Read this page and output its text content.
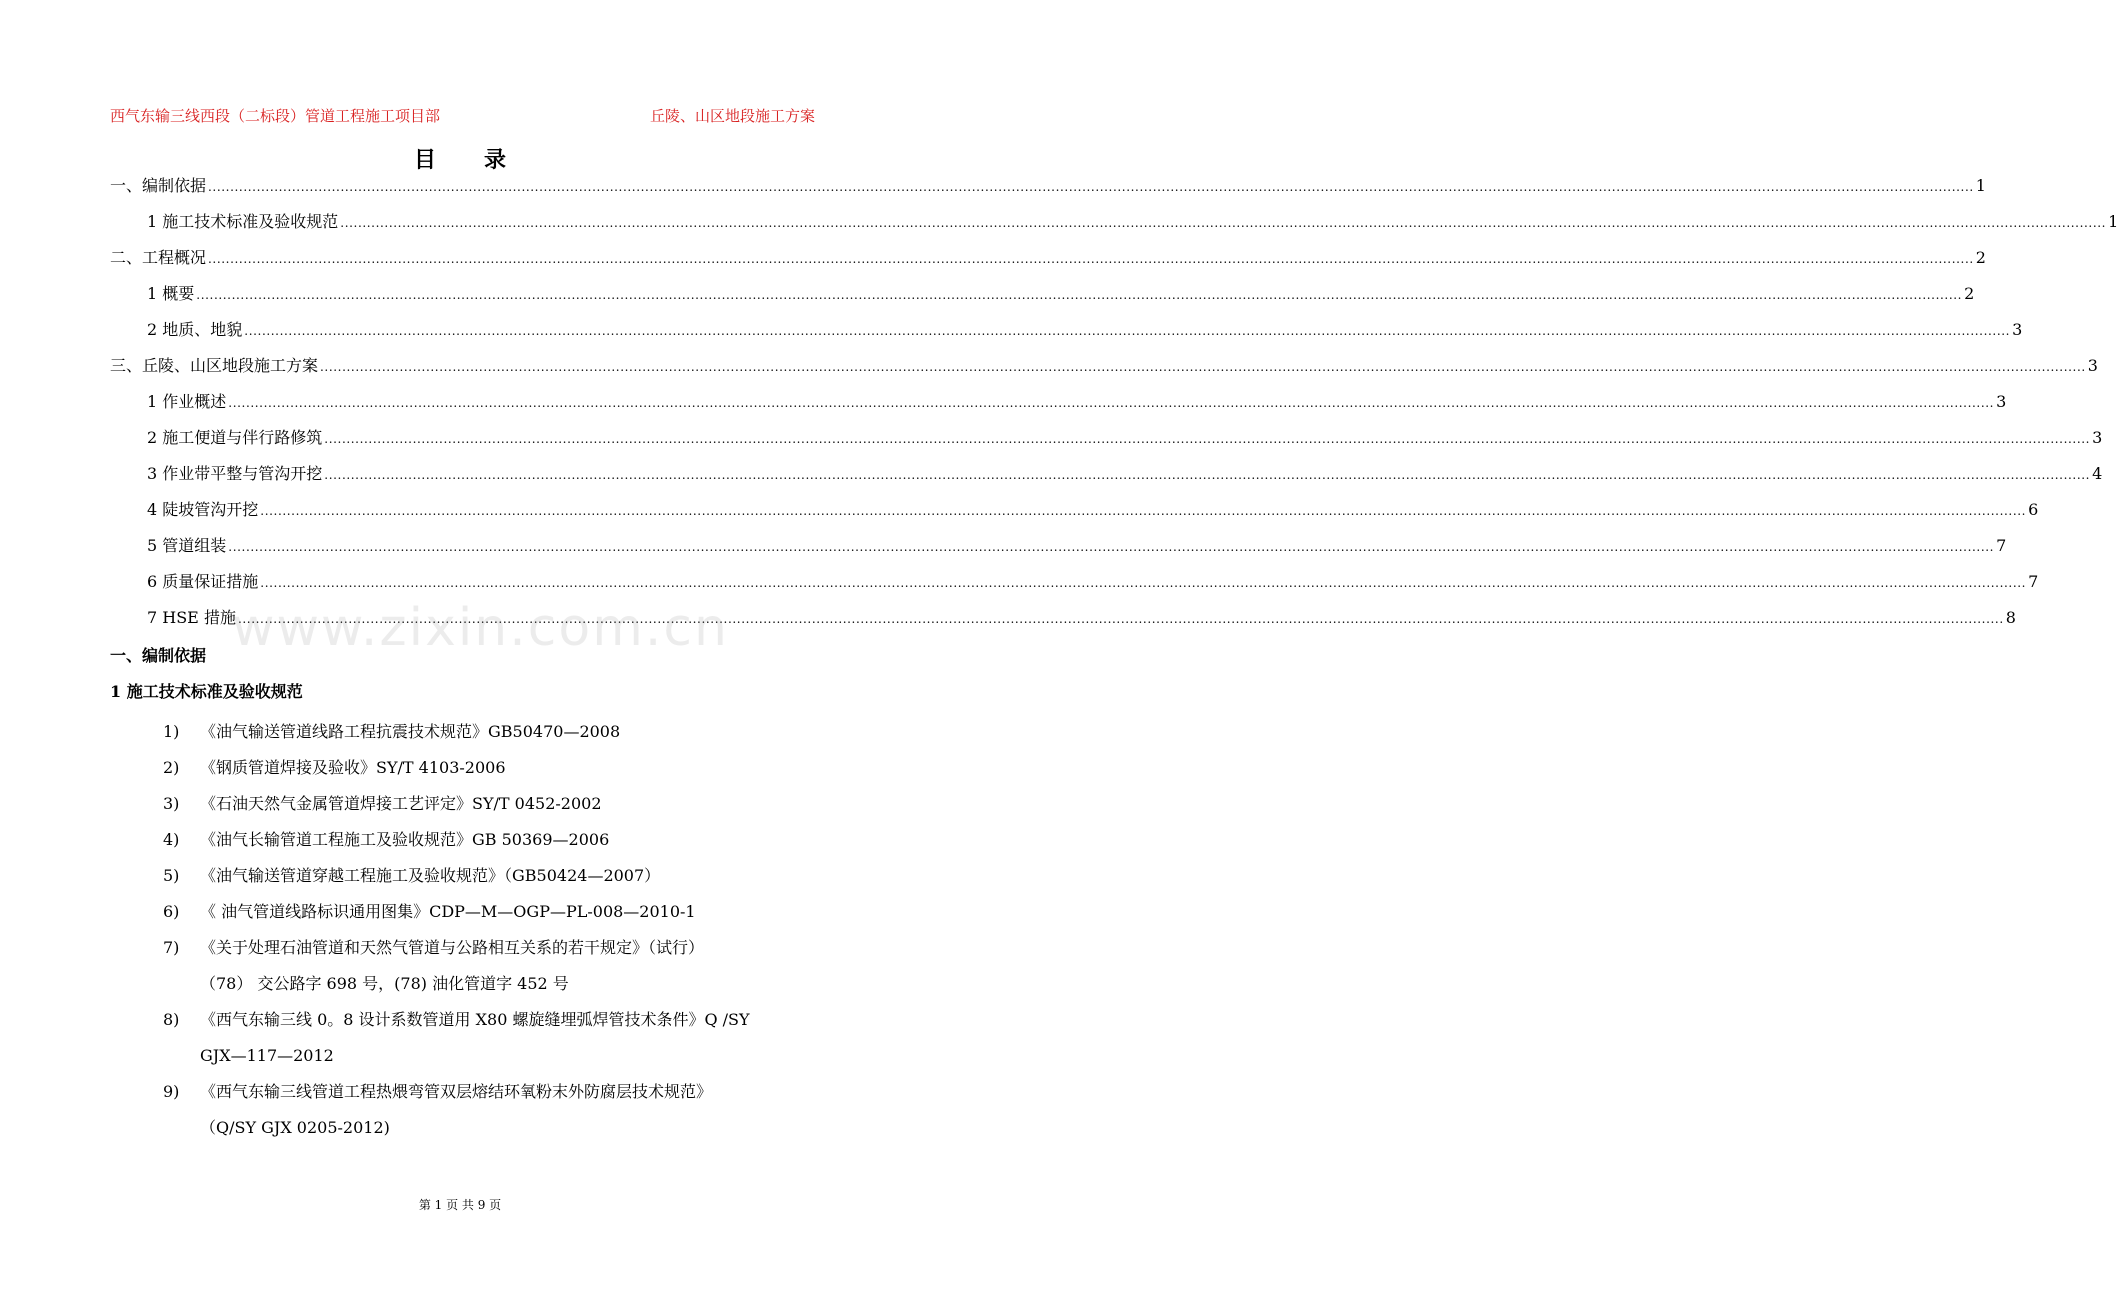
西气东输三线西段（二标段）管道工程施工项目部	丘陵、山区地段施工方案
目录
一、编制依据 ................................................................................................................................................................................................................................................................................................................................................................................................................ 1
1 施工技术标准及验收规范 ................................................................................................................................................................................................................................................................................................................................................................................................................ 1
二、工程概况 ................................................................................................................................................................................................................................................................................................................................................................................................................ 2
1 概要 ................................................................................................................................................................................................................................................................................................................................................................................................................ 2
2 地质、地貌 ................................................................................................................................................................................................................................................................................................................................................................................................................ 3
三、丘陵、山区地段施工方案 ................................................................................................................................................................................................................................................................................................................................................................................................................ 3
1 作业概述 ................................................................................................................................................................................................................................................................................................................................................................................................................ 3
2 施工便道与伴行路修筑 ................................................................................................................................................................................................................................................................................................................................................................................................................ 3
3 作业带平整与管沟开挖 ................................................................................................................................................................................................................................................................................................................................................................................................................ 4
4 陡坡管沟开挖 ................................................................................................................................................................................................................................................................................................................................................................................................................ 6
5 管道组装 ................................................................................................................................................................................................................................................................................................................................................................................................................ 7
6 质量保证措施 ................................................................................................................................................................................................................................................................................................................................................................................................................ 7
7 HSE 措施 ................................................................................................................................................................................................................................................................................................................................................................................................................ 8
www.zixin.com.cn
一、编制依据
1 施工技术标准及验收规范
1)	《油气输送管道线路工程抗震技术规范》GB50470—2008
2)	《钢质管道焊接及验收》SY/T 4103-2006
3)	《石油天然气金属管道焊接工艺评定》SY/T 0452-2002
4)	《油气长输管道工程施工及验收规范》GB 50369—2006
5)	《油气输送管道穿越工程施工及验收规范》（GB50424—2007）
6)	《 油气管道线路标识通用图集》CDP—M—OGP—PL-008—2010-1
7)	《关于处理石油管道和天然气管道与公路相互关系的若干规定》（试行）
（78） 交公路字 698 号，(78) 油化管道字 452 号
8)	《西气东输三线 0。8 设计系数管道用 X80 螺旋缝埋弧焊管技术条件》Q /SY
GJX—117—2012
9)	《西气东输三线管道工程热煨弯管双层熔结环氧粉末外防腐层技术规范》
（Q/SY GJX 0205-2012)
第 1 页 共 9 页
